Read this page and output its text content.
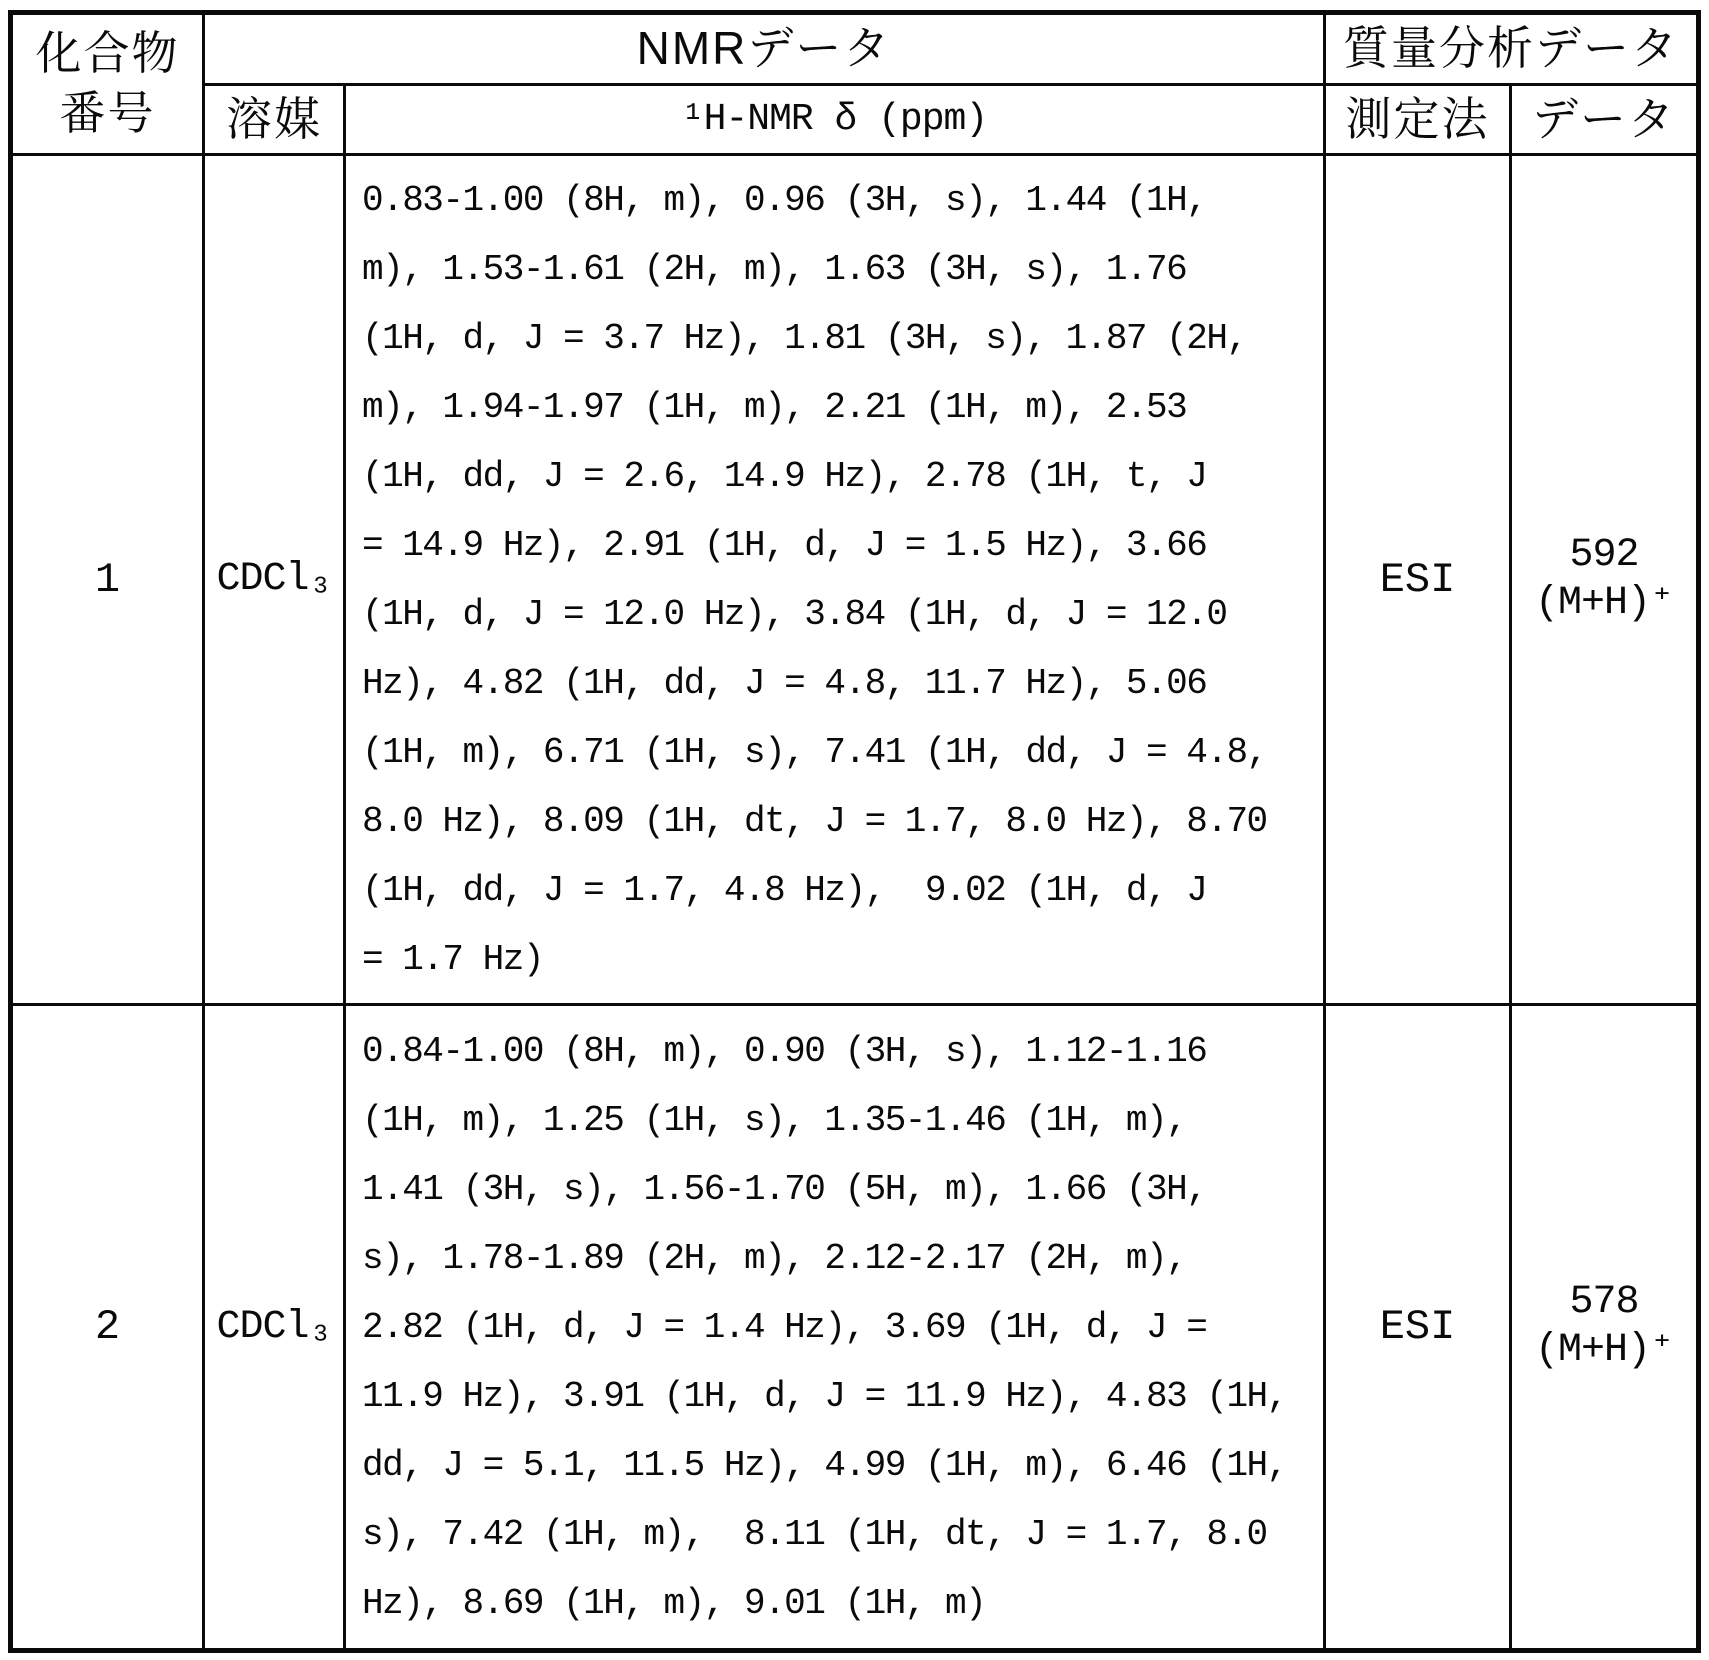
化合物
番号	NMRデータ		質量分析データ	
	溶媒	¹H-NMR δ (ppm)	測定法	データ
1	CDCl₃	0.83-1.00 (8H, m), 0.96 (3H, s), 1.44 (1H,
m), 1.53-1.61 (2H, m), 1.63 (3H, s), 1.76
(1H, d, J = 3.7 Hz), 1.81 (3H, s), 1.87 (2H,
m), 1.94-1.97 (1H, m), 2.21 (1H, m), 2.53
(1H, dd, J = 2.6, 14.9 Hz), 2.78 (1H, t, J
= 14.9 Hz), 2.91 (1H, d, J = 1.5 Hz), 3.66
(1H, d, J = 12.0 Hz), 3.84 (1H, d, J = 12.0
Hz), 4.82 (1H, dd, J = 4.8, 11.7 Hz), 5.06
(1H, m), 6.71 (1H, s), 7.41 (1H, dd, J = 4.8,
8.0 Hz), 8.09 (1H, dt, J = 1.7, 8.0 Hz), 8.70
(1H, dd, J = 1.7, 4.8 Hz),  9.02 (1H, d, J
= 1.7 Hz)	ESI	592
(M+H)⁺
2	CDCl₃	0.84-1.00 (8H, m), 0.90 (3H, s), 1.12-1.16
(1H, m), 1.25 (1H, s), 1.35-1.46 (1H, m),
1.41 (3H, s), 1.56-1.70 (5H, m), 1.66 (3H,
s), 1.78-1.89 (2H, m), 2.12-2.17 (2H, m),
2.82 (1H, d, J = 1.4 Hz), 3.69 (1H, d, J =
11.9 Hz), 3.91 (1H, d, J = 11.9 Hz), 4.83 (1H,
dd, J = 5.1, 11.5 Hz), 4.99 (1H, m), 6.46 (1H,
s), 7.42 (1H, m),  8.11 (1H, dt, J = 1.7, 8.0
Hz), 8.69 (1H, m), 9.01 (1H, m)	ESI	578
(M+H)⁺
